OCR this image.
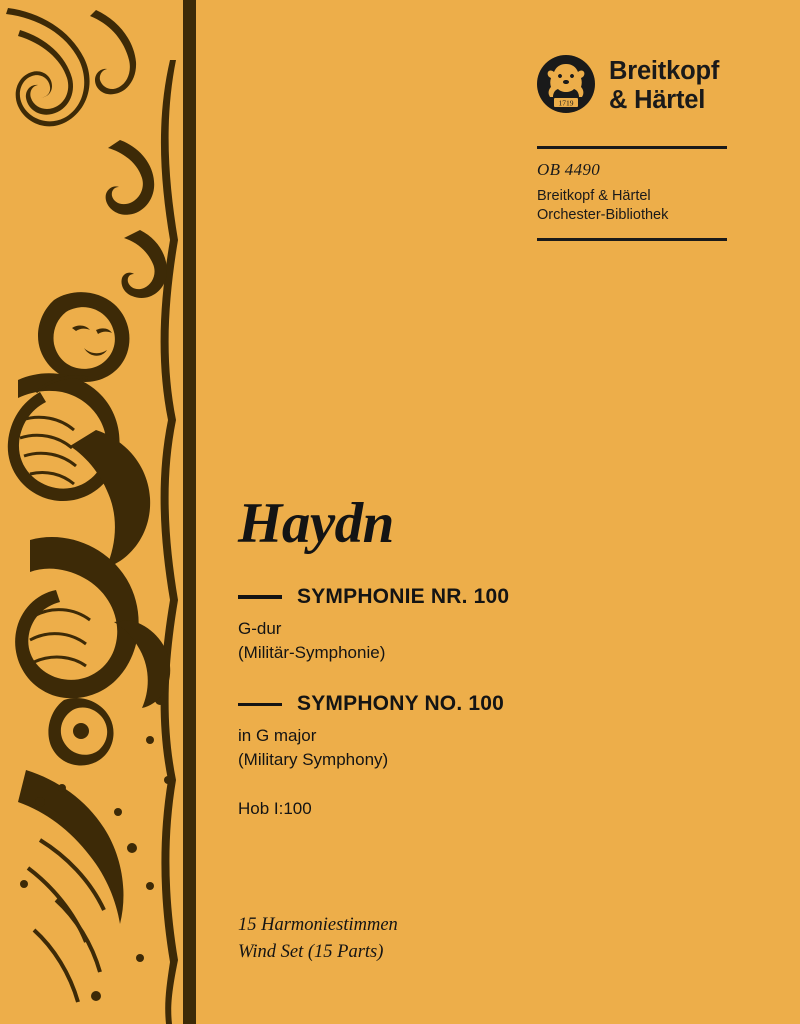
1719
Breitkopf
& Härtel
OB 4490
Breitkopf & Härtel
Orchester-Bibliothek
Haydn
SYMPHONIE NR. 100
G-dur
(Militär-Symphonie)
SYMPHONY NO. 100
in G major
(Military Symphony)
Hob I:100
15 Harmoniestimmen
Wind Set (15 Parts)
